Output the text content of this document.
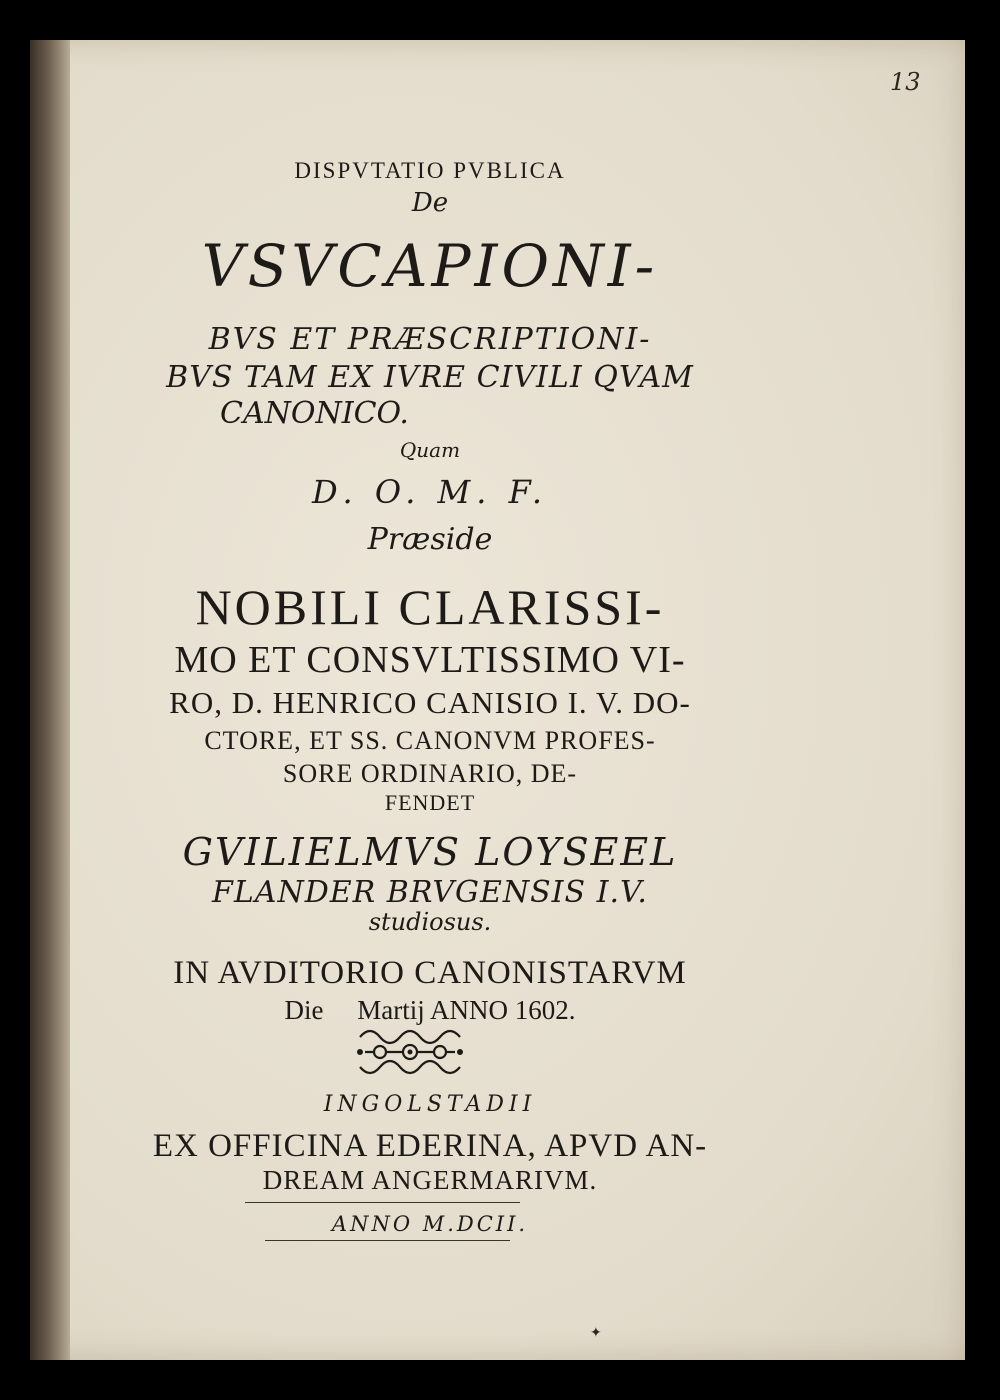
13

DISPVTATIO PVBLICA

De

VSVCAPIONI-

BVS ET PRÆSCRIPTIONI-

BVS TAM EX IVRE CIVILI QVAM

CANONICO.

Quam

D. O. M. F.

Præside

NOBILI CLARISSI-

MO ET CONSVLTISSIMO VI-

RO, D. HENRICO CANISIO I. V. DO-

CTORE, ET SS. CANONVM PROFES-

SORE ORDINARIO, DE-

FENDET

GVILIELMVS LOYSEEL

FLANDER BRVGENSIS I.V.

studiosus.

IN AVDITORIO CANONISTARVM

Die     Martij ANNO 1602.

INGOLSTADII

EX OFFICINA EDERINA, APVD AN-

DREAM ANGERMARIVM.

ANNO M.DCII.

✦
